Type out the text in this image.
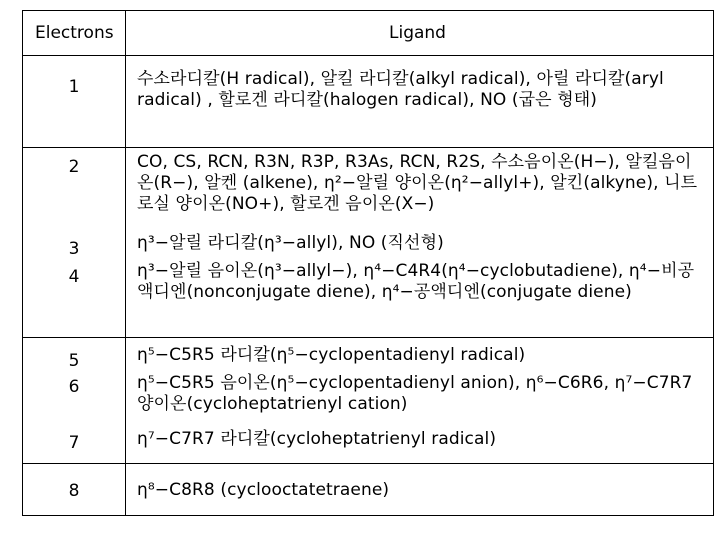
Electrons	Ligand
1	수소라디칼(H radical), 알킬 라디칼(alkyl radical), 아릴 라디칼(aryl radical) , 할로겐 라디칼(halogen radical), NO (굽은 형태)
2	CO, CS, RCN, R3N, R3P, R3As, RCN, R2S, 수소음이온(H−), 알킬음이온(R−), 알켄 (alkene), η²−알릴 양이온(η²−allyl+), 알킨(alkyne), 니트로실 양이온(NO+), 할로겐 음이온(X−)
3	η³−알릴 라디칼(η³−allyl), NO (직선형)
4	η³−알릴 음이온(η³−allyl−), η⁴−C4R4(η⁴−cyclobutadiene), η⁴−비공액디엔(nonconjugate diene), η⁴−공액디엔(conjugate diene)
5	η⁵−C5R5 라디칼(η⁵−cyclopentadienyl radical)
6	η⁵−C5R5 음이온(η⁵−cyclopentadienyl anion), η⁶−C6R6, η⁷−C7R7 양이온(cycloheptatrienyl cation)
7	η⁷−C7R7 라디칼(cycloheptatrienyl radical)
8	η⁸−C8R8 (cyclooctatetraene)
